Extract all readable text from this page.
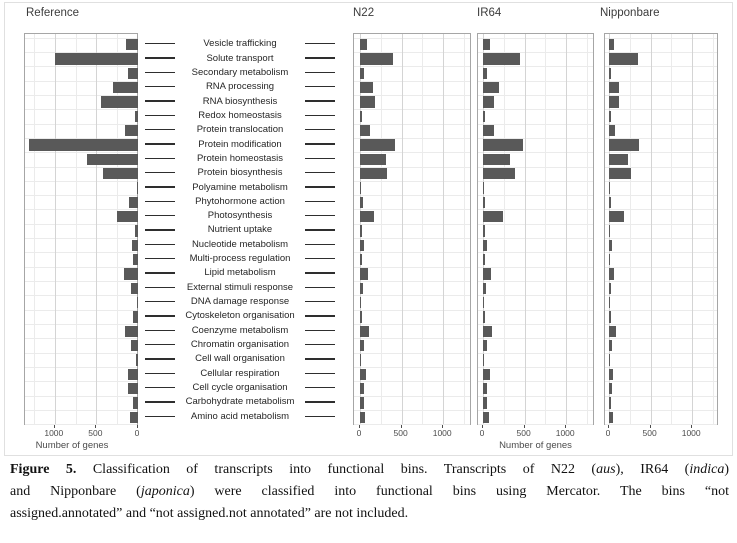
Reference
0
500
1000
N22
0	500	1000
IR64
0	500	1000
Nipponbare
0	500	1000
Vesicle trafficking
Solute transport
Secondary metabolism
RNA processing
RNA biosynthesis
Redox homeostasis
Protein translocation
Protein modification
Protein homeostasis
Protein biosynthesis
Polyamine metabolism
Phytohormone action
Photosynthesis
Nutrient uptake
Nucleotide metabolism
Multi-process regulation
Lipid metabolism
External stimuli response
DNA damage response
Cytoskeleton organisation
Coenzyme metabolism
Chromatin organisation
Cell wall organisation
Cellular respiration
Cell cycle organisation
Carbohydrate metabolism
Amino acid metabolism
Number of genes	Number of genes
Figure 5. Classification of transcripts into functional bins. Transcripts of N22 (aus), IR64 (indica)
and Nipponbare (japonica) were classified into functional bins using Mercator. The bins “not
assigned.annotated” and “not assigned.not annotated” are not included.
